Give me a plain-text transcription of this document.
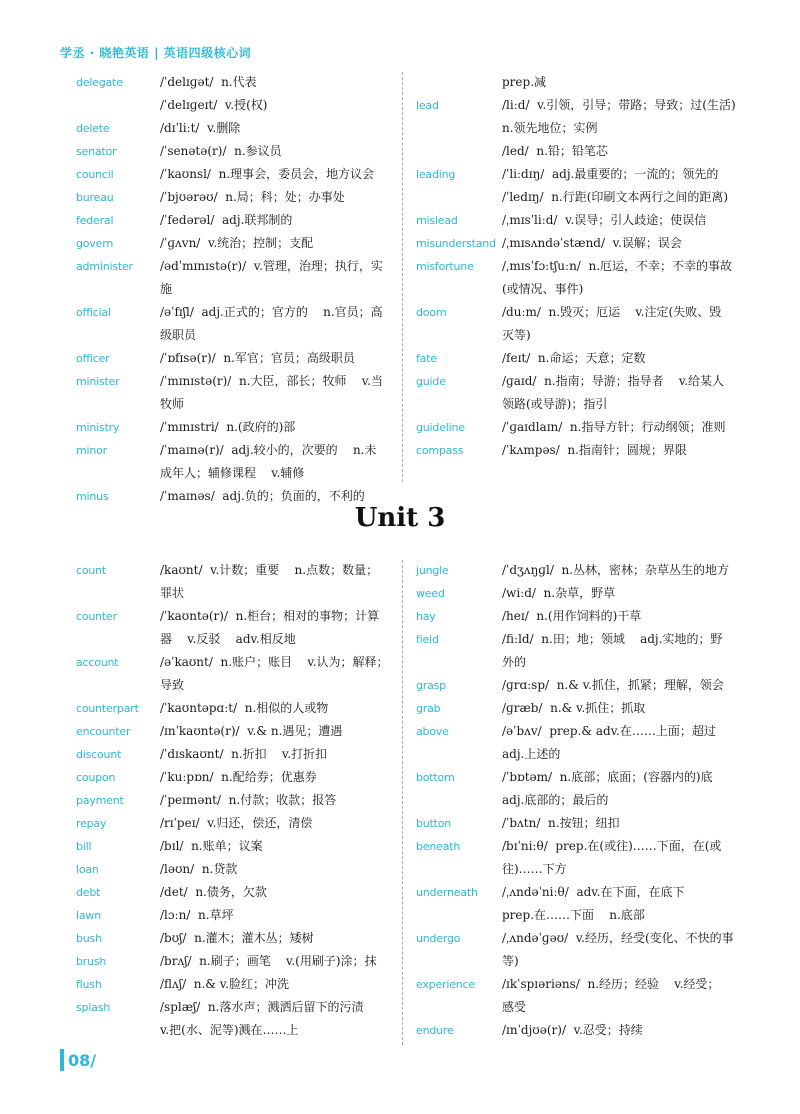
学丞 · 晓艳英语 | 英语四级核心词
delegate	/ˈdelɪɡət/  n.代表
/ˈdelɪɡeɪt/  v.授(权)
delete	/dɪˈliːt/  v.删除
senator	/ˈsenətə(r)/  n.参议员
council	/ˈkaʊnsl/  n.理事会，委员会，地方议会
bureau	/ˈbjʊərəʊ/  n.局；科；处；办事处
federal	/ˈfedərəl/  adj.联邦制的
govern	/ˈɡʌvn/  v.统治；控制；支配
administer /ədˈmɪnɪstə(r)/  v.管理，治理；执行，实施
official	/əˈfɪʃl/  adj.正式的；官方的    n.官员；高
级职员
officer	/ˈɒfɪsə(r)/  n.军官；官员；高级职员
minister	/ˈmɪnɪstə(r)/  n.大臣，部长；牧师    v.当
牧师
ministry	/ˈmɪnɪstri/  n.(政府的)部
minor	/ˈmaɪnə(r)/  adj.较小的，次要的    n.未
成年人；辅修课程    v.辅修
minus	/ˈmaɪnəs/  adj.负的；负面的，不利的
prep.减
lead	/liːd/  v.引领，引导；带路；导致；过(生活)
n.领先地位；实例
/led/  n.铅；铅笔芯
leading	/ˈliːdɪŋ/  adj.最重要的；一流的；领先的
/ˈledɪŋ/  n.行距(印刷文本两行之间的距离)
mislead	/ˌmɪsˈliːd/  v.误导；引人歧途；使误信
misunderstand /ˌmɪsʌndəˈstænd/  v.误解；误会
misfortune /ˌmɪsˈfɔːtʃuːn/  n.厄运，不幸；不幸的事故
(或情况、事件)
doom	/duːm/  n.毁灭；厄运    v.注定(失败、毁
灭等)
fate	/feɪt/  n.命运；天意；定数
guide	/ɡaɪd/  n.指南；导游；指导者    v.给某人
领路(或导游)；指引
guideline	/ˈɡaɪdlaɪn/  n.指导方针；行动纲领；准则
compass	/ˈkʌmpəs/  n.指南针；圆规；界限
Unit 3
count	/kaʊnt/  v.计数；重要    n.点数；数量；
罪状
counter	/ˈkaʊntə(r)/  n.柜台；相对的事物；计算
器    v.反驳    adv.相反地
account	/əˈkaʊnt/  n.账户；账目    v.认为；解释；
导致
counterpart /ˈkaʊntəpɑːt/  n.相似的人或物
encounter /ɪnˈkaʊntə(r)/  v.& n.遇见；遭遇
discount	/ˈdɪskaʊnt/  n.折扣    v.打折扣
coupon	/ˈkuːpɒn/  n.配给券；优惠券
payment	/ˈpeɪmənt/  n.付款；收款；报答
repay	/rɪˈpeɪ/  v.归还，偿还，清偿
bill	/bɪl/  n.账单；议案
loan	/ləʊn/  n.贷款
debt	/det/  n.债务，欠款
lawn	/lɔːn/  n.草坪
bush	/bʊʃ/  n.灌木；灌木丛；矮树
brush	/brʌʃ/  n.刷子；画笔    v.(用刷子)涂；抹
flush	/flʌʃ/  n.& v.脸红；冲洗
splash	/splæʃ/  n.落水声；溅洒后留下的污渍
v.把(水、泥等)溅在……上
jungle	/ˈdʒʌŋɡl/  n.丛林，密林；杂草丛生的地方
weed	/wiːd/  n.杂草，野草
hay	/heɪ/  n.(用作饲料的)干草
field	/fiːld/  n.田；地；领域    adj.实地的；野
外的
grasp	/ɡrɑːsp/  n.& v.抓住，抓紧；理解，领会
grab	/ɡræb/  n.& v.抓住；抓取
above	/əˈbʌv/  prep.& adv.在……上面；超过
adj.上述的
bottom	/ˈbɒtəm/  n.底部；底面；(容器内的)底
adj.底部的；最后的
button	/ˈbʌtn/  n.按钮；纽扣
beneath	/bɪˈniːθ/  prep.在(或往)……下面，在(或
往)……下方
underneath /ˌʌndəˈniːθ/  adv.在下面，在底下
prep.在……下面    n.底部
undergo	/ˌʌndəˈɡəʊ/  v.经历，经受(变化、不快的事
等)
experience /ɪkˈspɪəriəns/  n.经历；经验    v.经受；
感受
endure	/ɪnˈdjʊə(r)/  v.忍受；持续
08/
